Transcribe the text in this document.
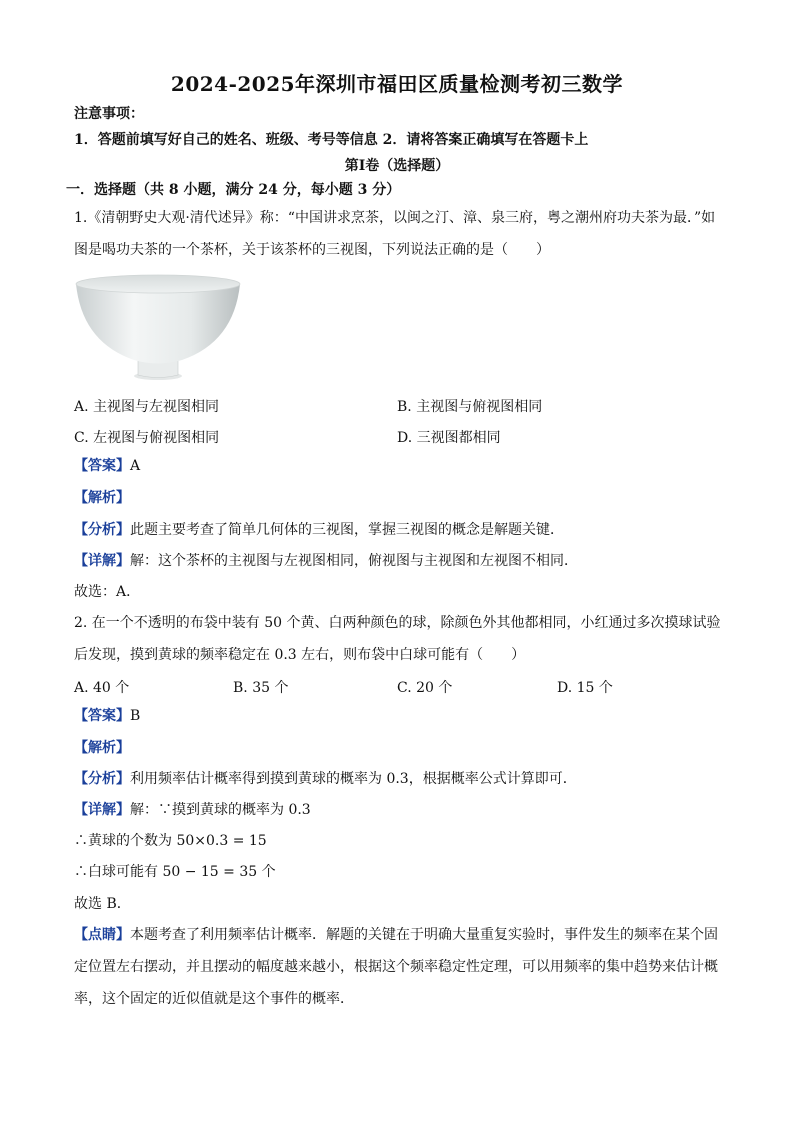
2024-2025年深圳市福田区质量检测考初三数学
注意事项：
1．答题前填写好自己的姓名、班级、考号等信息 2．请将答案正确填写在答题卡上
第Ⅰ卷（选择题）
一．选择题（共 8 小题，满分 24 分，每小题 3 分）
1.《清朝野史大观·清代述异》称：“中国讲求烹茶，以闽之汀、漳、泉三府，粤之潮州府功夫茶为最．”如
图是喝功夫茶的一个茶杯，关于该茶杯的三视图，下列说法正确的是（　　）
A. 主视图与左视图相同	B. 主视图与俯视图相同
C. 左视图与俯视图相同	D. 三视图都相同
【答案】A
【解析】
【分析】此题主要考查了简单几何体的三视图，掌握三视图的概念是解题关键．
【详解】解：这个茶杯的主视图与左视图相同，俯视图与主视图和左视图不相同．
故选：A．
2. 在一个不透明的布袋中装有 50 个黄、白两种颜色的球，除颜色外其他都相同，小红通过多次摸球试验
后发现，摸到黄球的频率稳定在 0.3 左右，则布袋中白球可能有（　　）
A. 40 个	B. 35 个	C. 20 个	D. 15 个
【答案】B
【解析】
【分析】利用频率估计概率得到摸到黄球的概率为 0.3，根据概率公式计算即可．
【详解】解：∵摸到黄球的概率为 0.3
∴黄球的个数为 50×0.3 = 15
∴白球可能有 50 − 15 = 35 个
故选 B．
【点睛】本题考查了利用频率估计概率．解题的关键在于明确大量重复实验时，事件发生的频率在某个固
定位置左右摆动，并且摆动的幅度越来越小，根据这个频率稳定性定理，可以用频率的集中趋势来估计概
率，这个固定的近似值就是这个事件的概率．
